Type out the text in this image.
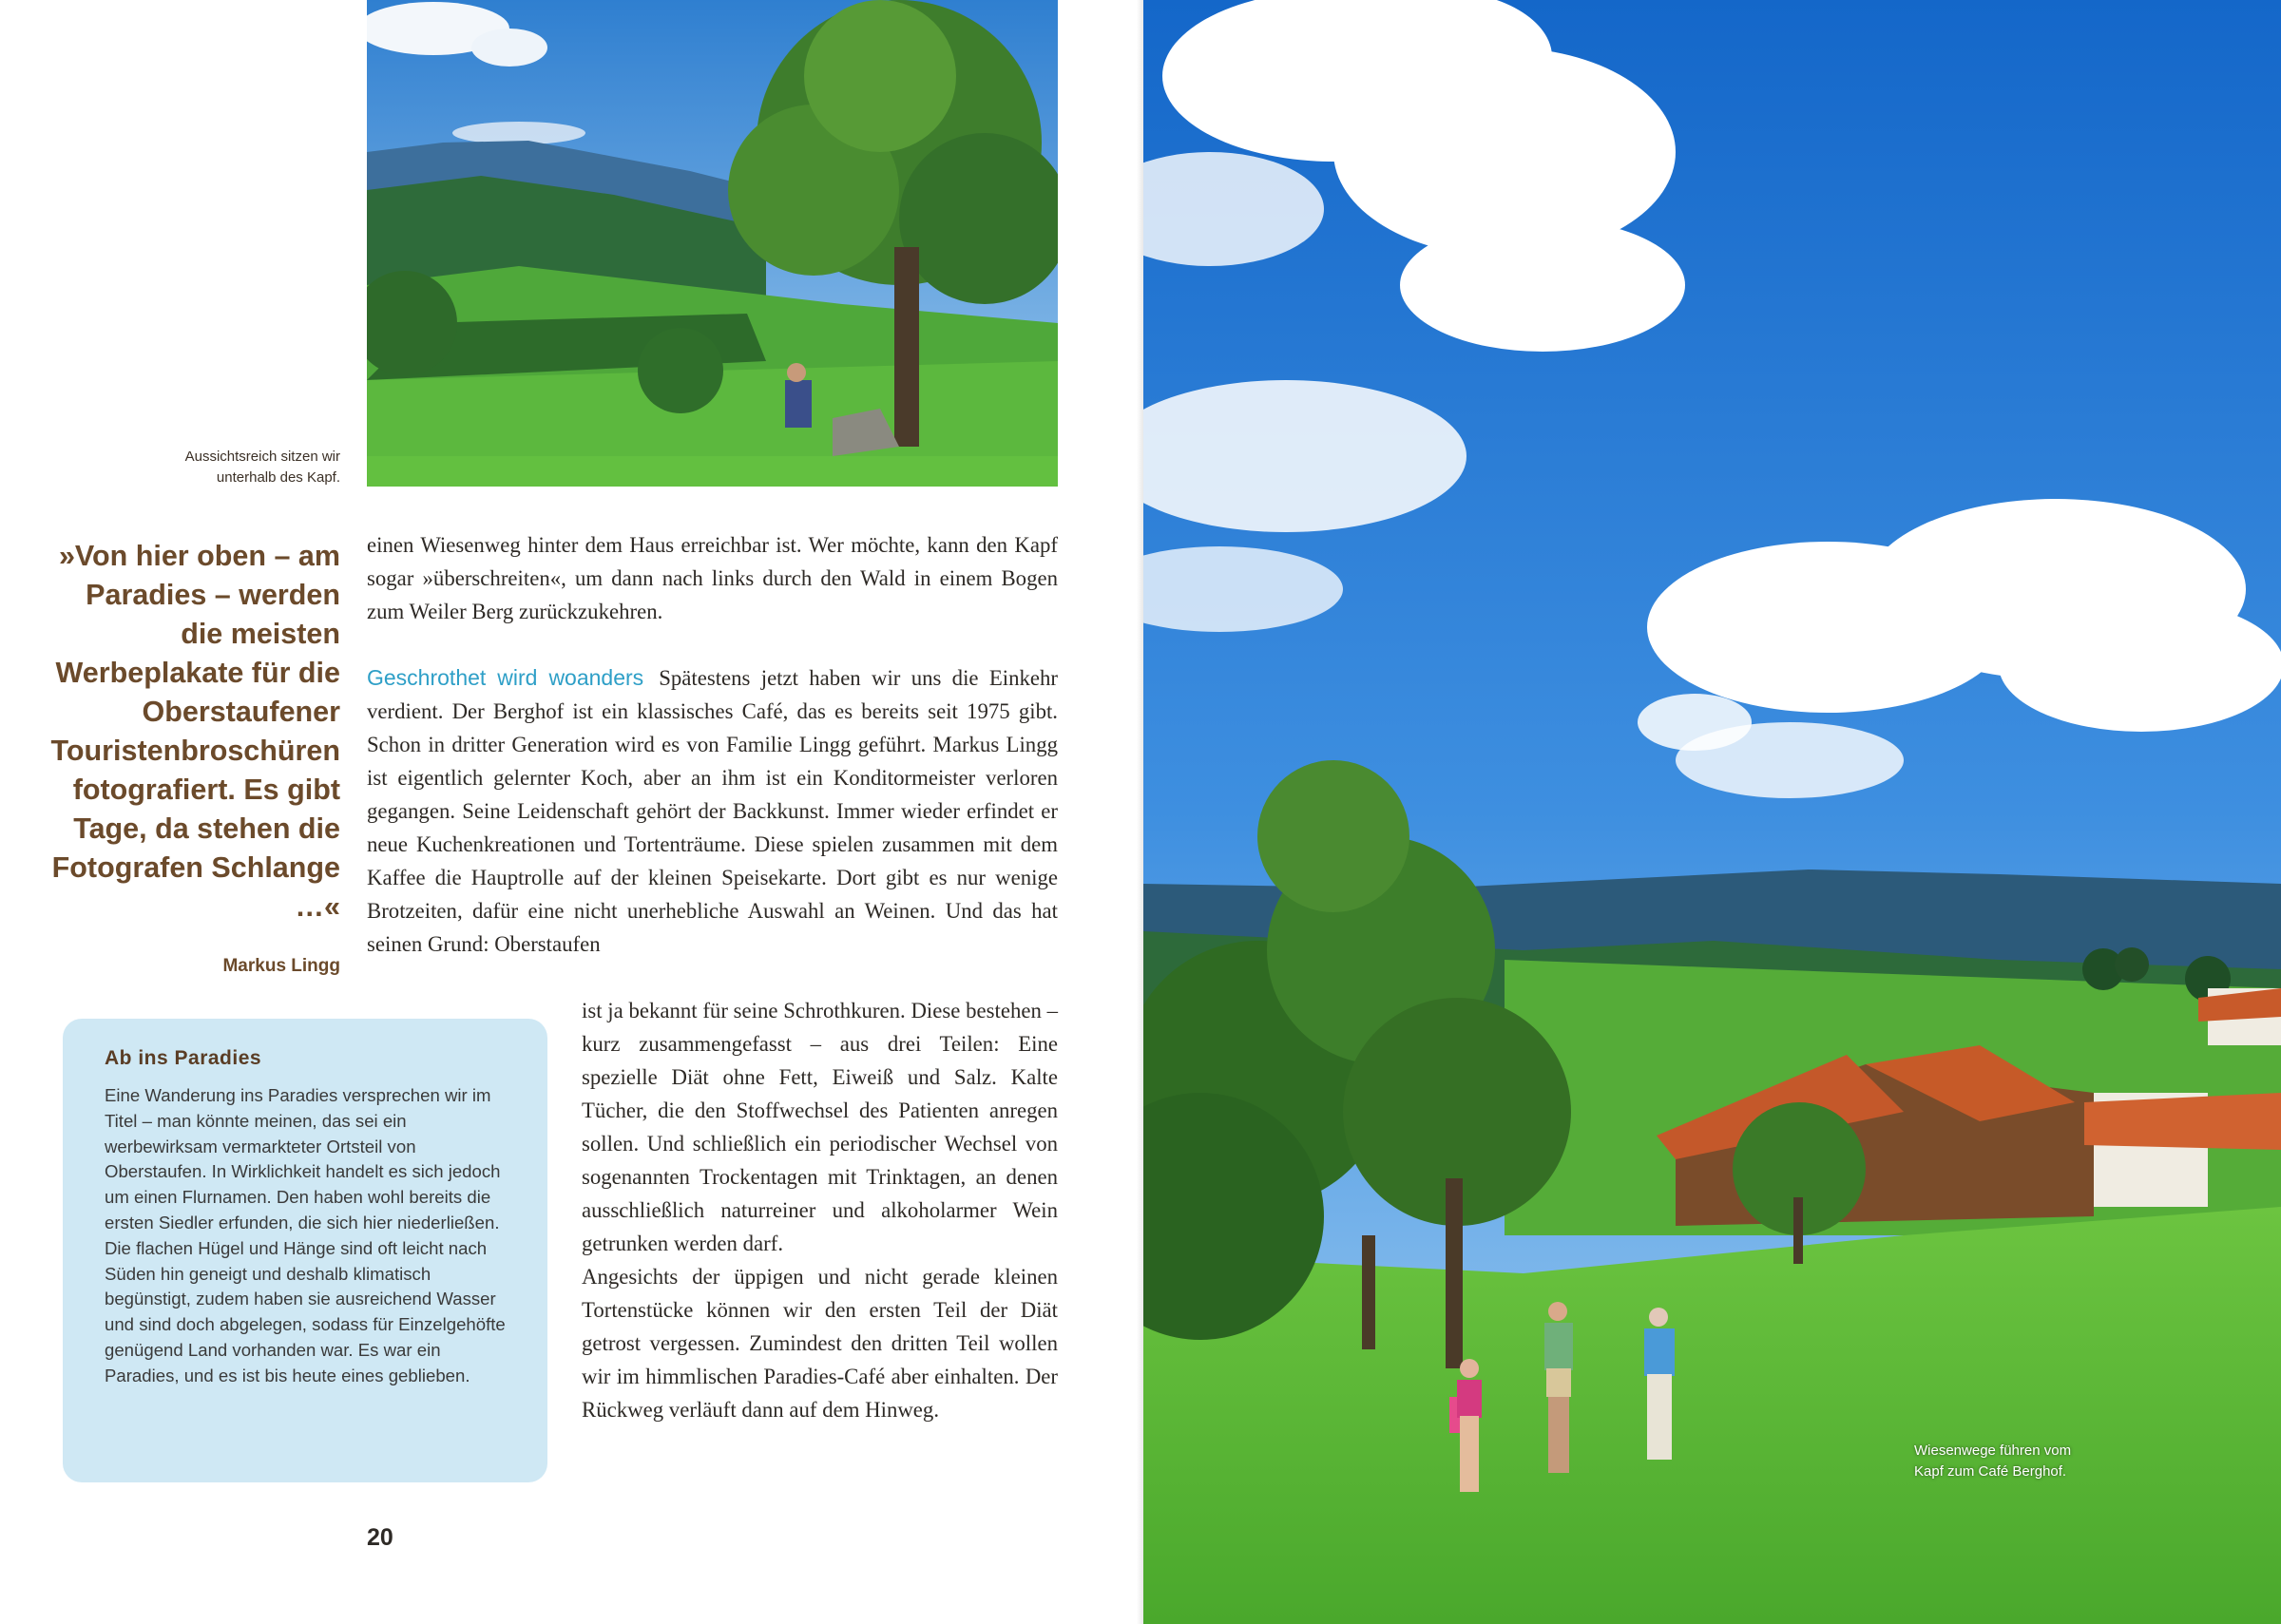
Aussichtsreich sitzen wir unterhalb des Kapf.
»Von hier oben – am Paradies – werden die meisten Werbeplakate für die Oberstaufener Touristenbroschüren fotografiert. Es gibt Tage, da stehen die Fotografen Schlange …«
Markus Lingg

einen Wiesenweg hinter dem Haus erreichbar ist. Wer möchte, kann den Kapf sogar »überschreiten«, um dann nach links durch den Wald in einem Bogen zum Weiler Berg zurückzukehren.

Geschrothet wird woanders Spätestens jetzt haben wir uns die Einkehr verdient. Der Berghof ist ein klassisches Café, das es bereits seit 1975 gibt. Schon in dritter Generation wird es von Familie Lingg geführt. Markus Lingg ist eigentlich gelernter Koch, aber an ihm ist ein Konditormeister verloren gegangen. Seine Leidenschaft gehört der Backkunst. Immer wieder erfindet er neue Kuchenkreationen und Tortenträume. Diese spielen zusammen mit dem Kaffee die Hauptrolle auf der kleinen Speisekarte. Dort gibt es nur wenige Brotzeiten, dafür eine nicht unerhebliche Auswahl an Weinen. Und das hat seinen Grund: Oberstaufen

ist ja bekannt für seine Schrothkuren. Diese bestehen – kurz zusammengefasst – aus drei Teilen: Eine spezielle Diät ohne Fett, Eiweiß und Salz. Kalte Tücher, die den Stoffwechsel des Patienten anregen sollen. Und schließlich ein periodischer Wechsel von sogenannten Trockentagen mit Trinktagen, an denen ausschließlich naturreiner und alkoholarmer Wein getrunken werden darf.

Angesichts der üppigen und nicht gerade kleinen Tortenstücke können wir den ersten Teil der Diät getrost vergessen. Zumindest den dritten Teil wollen wir im himmlischen Paradies-Café aber einhalten. Der Rückweg verläuft dann auf dem Hinweg.

Ab ins Paradies

Eine Wanderung ins Paradies versprechen wir im Titel – man könnte meinen, das sei ein werbewirksam vermarkteter Ortsteil von Oberstaufen. In Wirklichkeit handelt es sich jedoch um einen Flurnamen. Den haben wohl bereits die ersten Siedler erfunden, die sich hier niederließen. Die flachen Hügel und Hänge sind oft leicht nach Süden hin geneigt und deshalb klimatisch begünstigt, zudem haben sie ausreichend Wasser und sind doch abgelegen, sodass für Einzelgehöfte genügend Land vorhanden war. Es war ein Paradies, und es ist bis heute eines geblieben.

20
Wiesenwege führen vom Kapf zum Café Berghof.
